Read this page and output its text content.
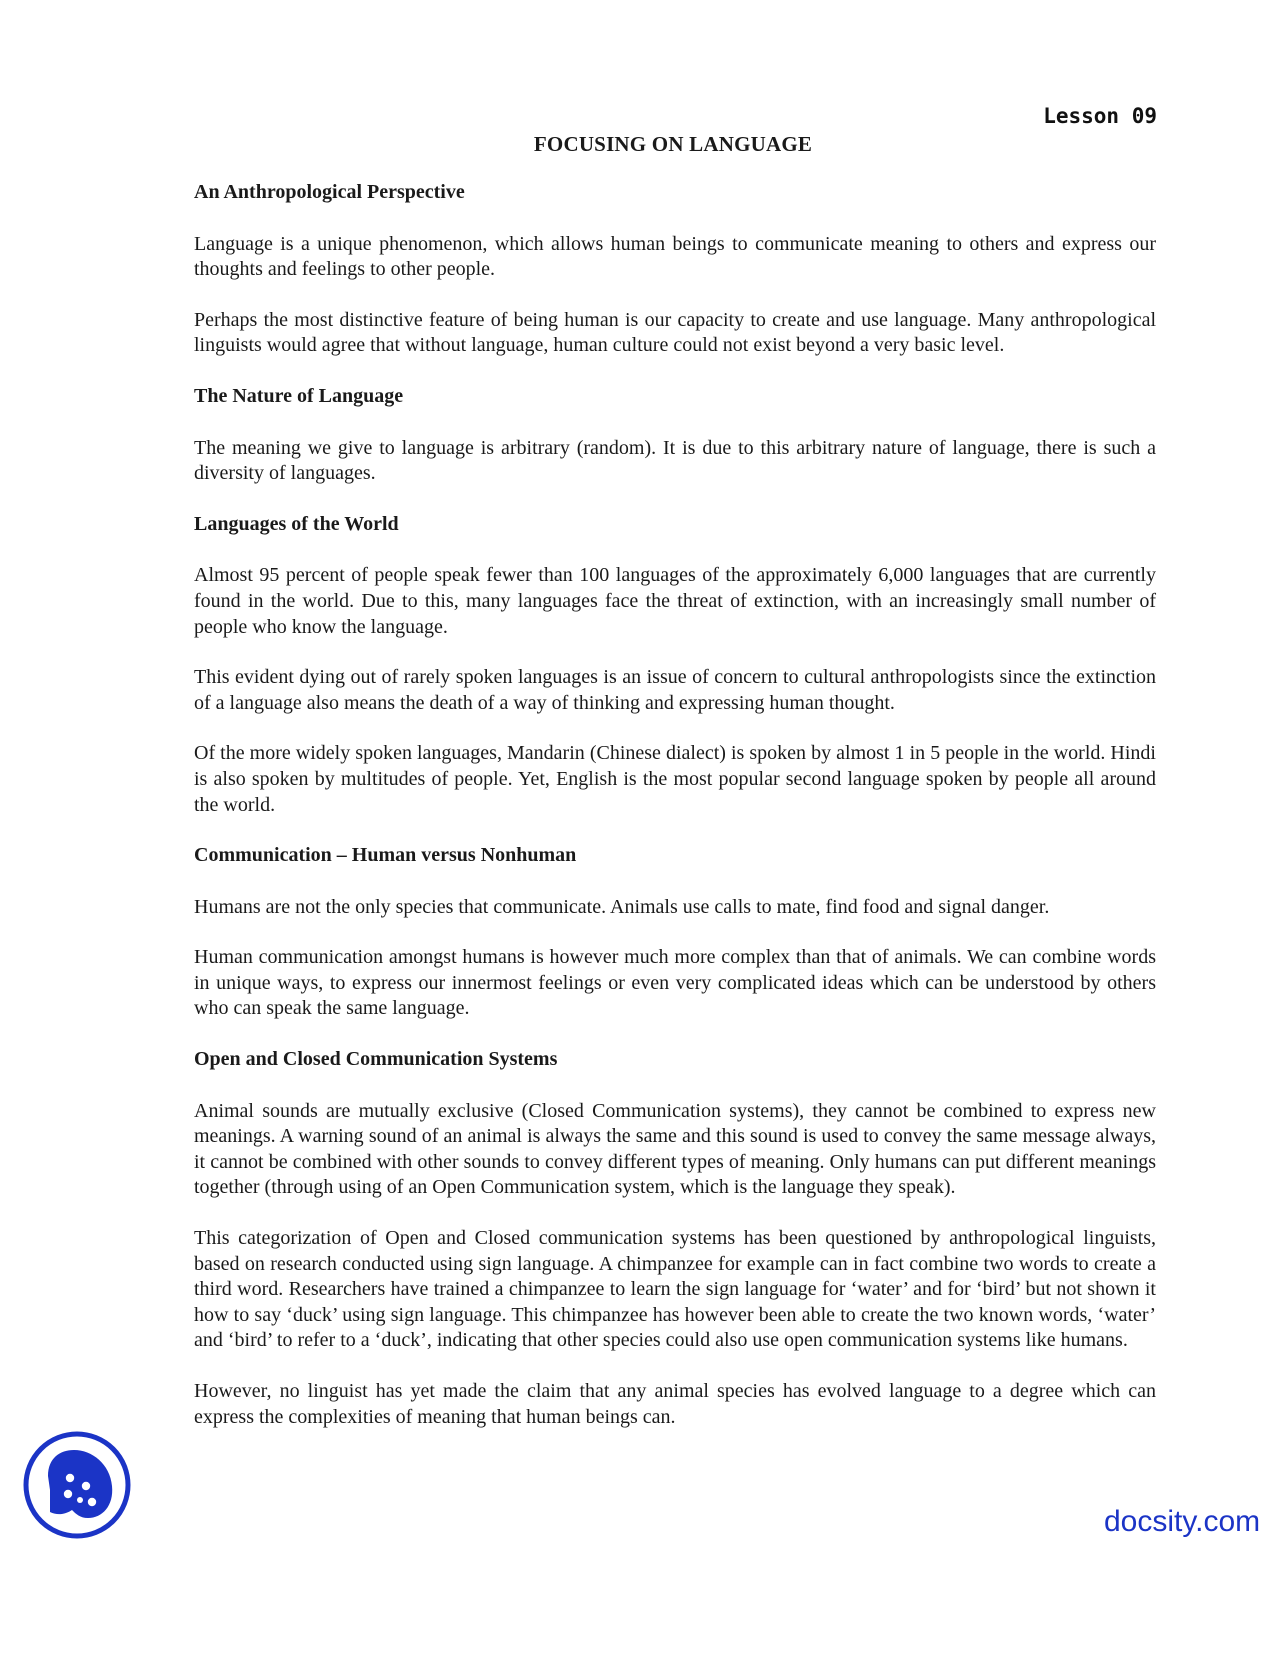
Lesson 09
FOCUSING ON LANGUAGE
An Anthropological Perspective

Language is a unique phenomenon, which allows human beings to communicate meaning to others and express our thoughts and feelings to other people.

Perhaps the most distinctive feature of being human is our capacity to create and use language. Many anthropological linguists would agree that without language, human culture could not exist beyond a very basic level.

The Nature of Language

The meaning we give to language is arbitrary (random). It is due to this arbitrary nature of language, there is such a diversity of languages.

Languages of the World

Almost 95 percent of people speak fewer than 100 languages of the approximately 6,000 languages that are currently found in the world. Due to this, many languages face the threat of extinction, with an increasingly small number of people who know the language.

This evident dying out of rarely spoken languages is an issue of concern to cultural anthropologists since the extinction of a language also means the death of a way of thinking and expressing human thought.

Of the more widely spoken languages, Mandarin (Chinese dialect) is spoken by almost 1 in 5 people in the world. Hindi is also spoken by multitudes of people. Yet, English is the most popular second language spoken by people all around the world.

Communication – Human versus Nonhuman

Humans are not the only species that communicate. Animals use calls to mate, find food and signal danger.

Human communication amongst humans is however much more complex than that of animals. We can combine words in unique ways, to express our innermost feelings or even very complicated ideas which can be understood by others who can speak the same language.

Open and Closed Communication Systems

Animal sounds are mutually exclusive (Closed Communication systems), they cannot be combined to express new meanings. A warning sound of an animal is always the same and this sound is used to convey the same message always, it cannot be combined with other sounds to convey different types of meaning. Only humans can put different meanings together (through using of an Open Communication system, which is the language they speak).

This categorization of Open and Closed communication systems has been questioned by anthropological linguists, based on research conducted using sign language. A chimpanzee for example can in fact combine two words to create a third word. Researchers have trained a chimpanzee to learn the sign language for ‘water’ and for ‘bird’ but not shown it how to say ‘duck’ using sign language. This chimpanzee has however been able to create the two known words, ‘water’ and ‘bird’ to refer to a ‘duck’, indicating that other species could also use open communication systems like humans.

However, no linguist has yet made the claim that any animal species has evolved language to a degree which can express the complexities of meaning that human beings can.

docsity.com
